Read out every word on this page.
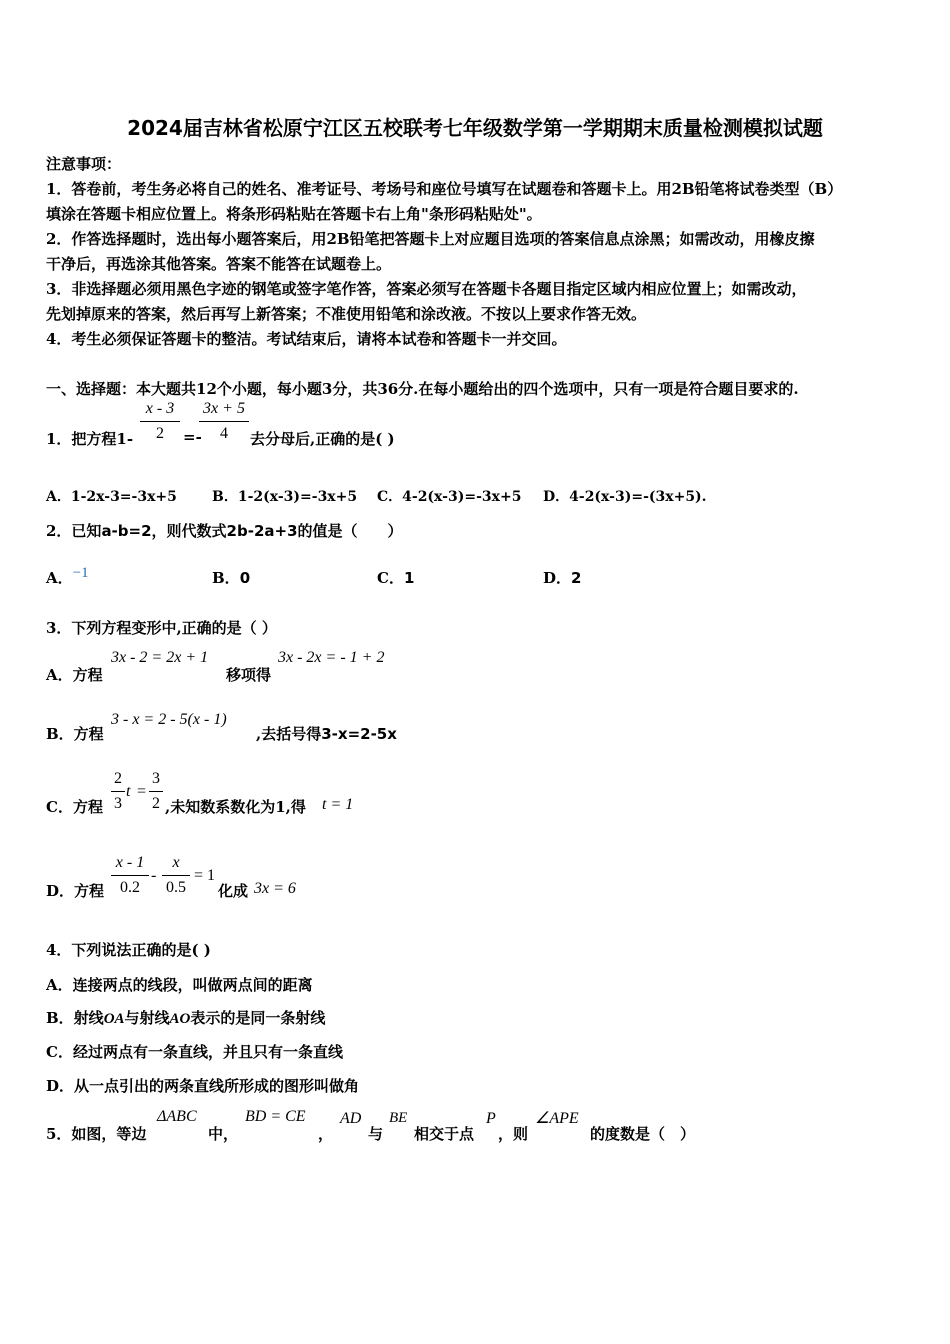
2024届吉林省松原宁江区五校联考七年级数学第一学期期末质量检测模拟试题
注意事项：
1．答卷前，考生务必将自己的姓名、准考证号、考场号和座位号填写在试题卷和答题卡上。用2B铅笔将试卷类型（B）
填涂在答题卡相应位置上。将条形码粘贴在答题卡右上角"条形码粘贴处"。
2．作答选择题时，选出每小题答案后，用2B铅笔把答题卡上对应题目选项的答案信息点涂黑；如需改动，用橡皮擦
干净后，再选涂其他答案。答案不能答在试题卷上。
3．非选择题必须用黑色字迹的钢笔或签字笔作答，答案必须写在答题卡各题目指定区域内相应位置上；如需改动，
先划掉原来的答案，然后再写上新答案；不准使用铅笔和涂改液。不按以上要求作答无效。
4．考生必须保证答题卡的整洁。考试结束后，请将本试卷和答题卡一并交回。
一、选择题：本大题共12个小题，每小题3分，共36分.在每小题给出的四个选项中，只有一项是符合题目要求的.
1．把方程1-
x - 3
2	=-
3x + 5
4	去分母后,正确的是( )
A．1-2x-3=-3x+5	B．1-2(x-3)=-3x+5 C．4-2(x-3)=-3x+5 D．4-2(x-3)=-(3x+5).
2．已知a-b=2，则代数式2b-2a+3的值是（　　）
A．−1	B．0	C．1	D．2
3．下列方程变形中,正确的是（ ）
A．方程
3x - 2 = 2x + 1
移项得
3x - 2x = - 1 + 2
B．方程
3 - x = 2 - 5(x - 1)
,去括号得3-x=2-5x
C．方程
2
3
t =
3
2 ,未知数系数化为1,得 t = 1
D．方程
x - 1
0.2
-
x
0.5
= 1
化成 3x = 6
4．下列说法正确的是( )
A．连接两点的线段，叫做两点间的距离
B．射线OA与射线AO表示的是同一条射线
C．经过两点有一条直线，并且只有一条直线
D．从一点引出的两条直线所形成的图形叫做角
5．如图，等边
ΔABC
中，
BD = CE
，
AD
与
BE
相交于点
P
，则
∠APE
的度数是（　）
